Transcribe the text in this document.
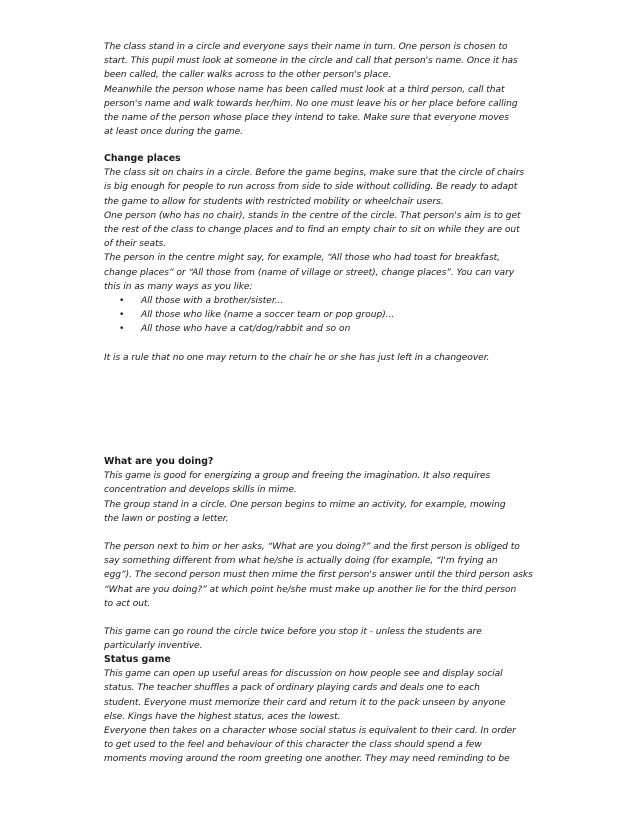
The class stand in a circle and everyone says their name in turn. One person is chosen to
start. This pupil must look at someone in the circle and call that person's name. Once it has
been called, the caller walks across to the other person's place.
Meanwhile the person whose name has been called must look at a third person, call that
person's name and walk towards her/him. No one must leave his or her place before calling
the name of the person whose place they intend to take. Make sure that everyone moves
at least once during the game.

Change places

The class sit on chairs in a circle. Before the game begins, make sure that the circle of chairs
is big enough for people to run across from side to side without colliding. Be ready to adapt
the game to allow for students with restricted mobility or wheelchair users.
One person (who has no chair), stands in the centre of the circle. That person's aim is to get
the rest of the class to change places and to find an empty chair to sit on while they are out
of their seats.
The person in the centre might say, for example, “All those who had toast for breakfast,
change places” or “All those from (name of village or street), change places”. You can vary
this in as many ways as you like:

• All those with a brother/sister...
• All those who like (name a soccer team or pop group)...
• All those who have a cat/dog/rabbit and so on

It is a rule that no one may return to the chair he or she has just left in a changeover.

What are you doing?

This game is good for energizing a group and freeing the imagination. It also requires
concentration and develops skills in mime.
The group stand in a circle. One person begins to mime an activity, for example, mowing
the lawn or posting a letter.

The person next to him or her asks, “What are you doing?” and the first person is obliged to
say something different from what he/she is actually doing (for example, “I'm frying an
egg”). The second person must then mime the first person's answer until the third person asks
“What are you doing?” at which point he/she must make up another lie for the third person
to act out.

This game can go round the circle twice before you stop it - unless the students are
particularly inventive.

Status game

This game can open up useful areas for discussion on how people see and display social
status. The teacher shuffles a pack of ordinary playing cards and deals one to each
student. Everyone must memorize their card and return it to the pack unseen by anyone
else. Kings have the highest status, aces the lowest.
Everyone then takes on a character whose social status is equivalent to their card. In order
to get used to the feel and behaviour of this character the class should spend a few
moments moving around the room greeting one another. They may need reminding to be
